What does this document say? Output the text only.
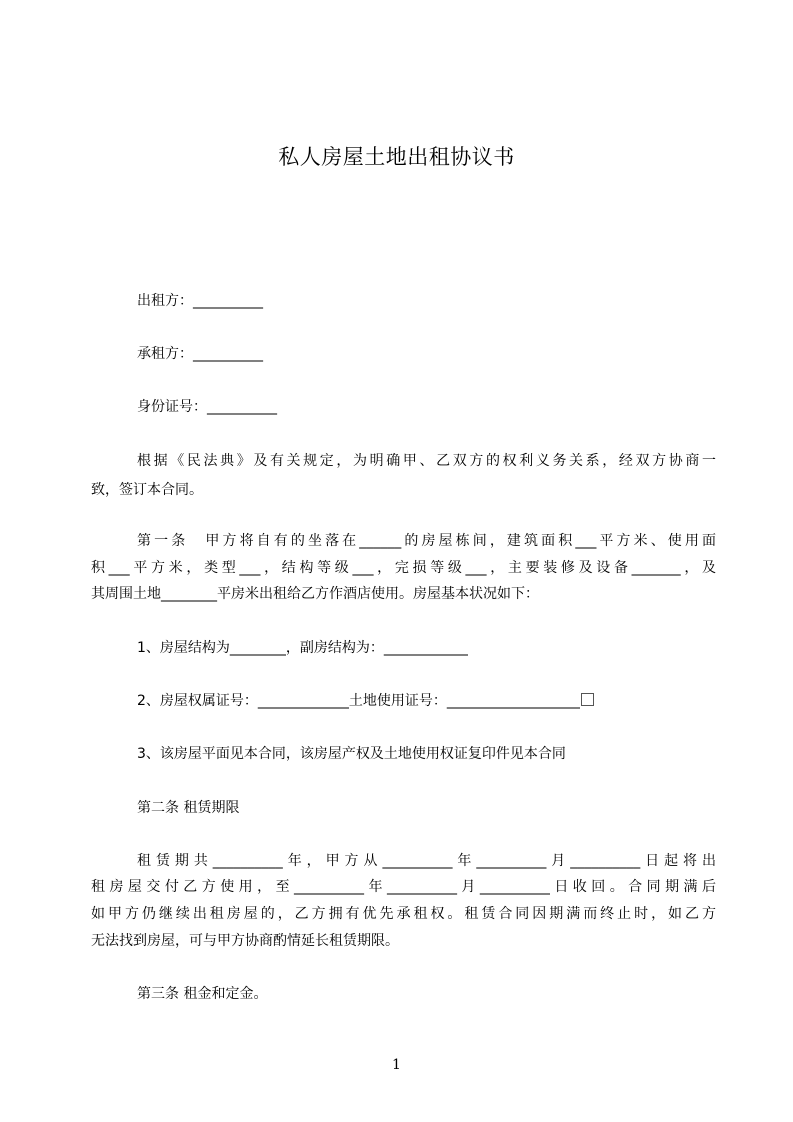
私人房屋土地出租协议书

出租方：__________

承租方：__________

身份证号：__________

根据《民法典》及有关规定，为明确甲、乙双方的权利义务关系，经双方协商一

致，签订本合同。

第一条　甲方将自有的坐落在______的房屋栋间，建筑面积___平方米、使用面

积___平方米，类型___，结构等级___，完损等级___，主要装修及设备_______，及

其周围土地________平房米出租给乙方作酒店使用。房屋基本状况如下：

1、房屋结构为________，副房结构为：____________

2、房屋权属证号：_____________土地使用证号：___________________

3、该房屋平面见本合同，该房屋产权及土地使用权证复印件见本合同

第二条 租赁期限

租赁期共__________年，甲方从__________年__________月__________日起将出

租房屋交付乙方使用，至__________年__________月__________日收回。合同期满后

如甲方仍继续出租房屋的，乙方拥有优先承租权。租赁合同因期满而终止时，如乙方

无法找到房屋，可与甲方协商酌情延长租赁期限。

第三条 租金和定金。

1
